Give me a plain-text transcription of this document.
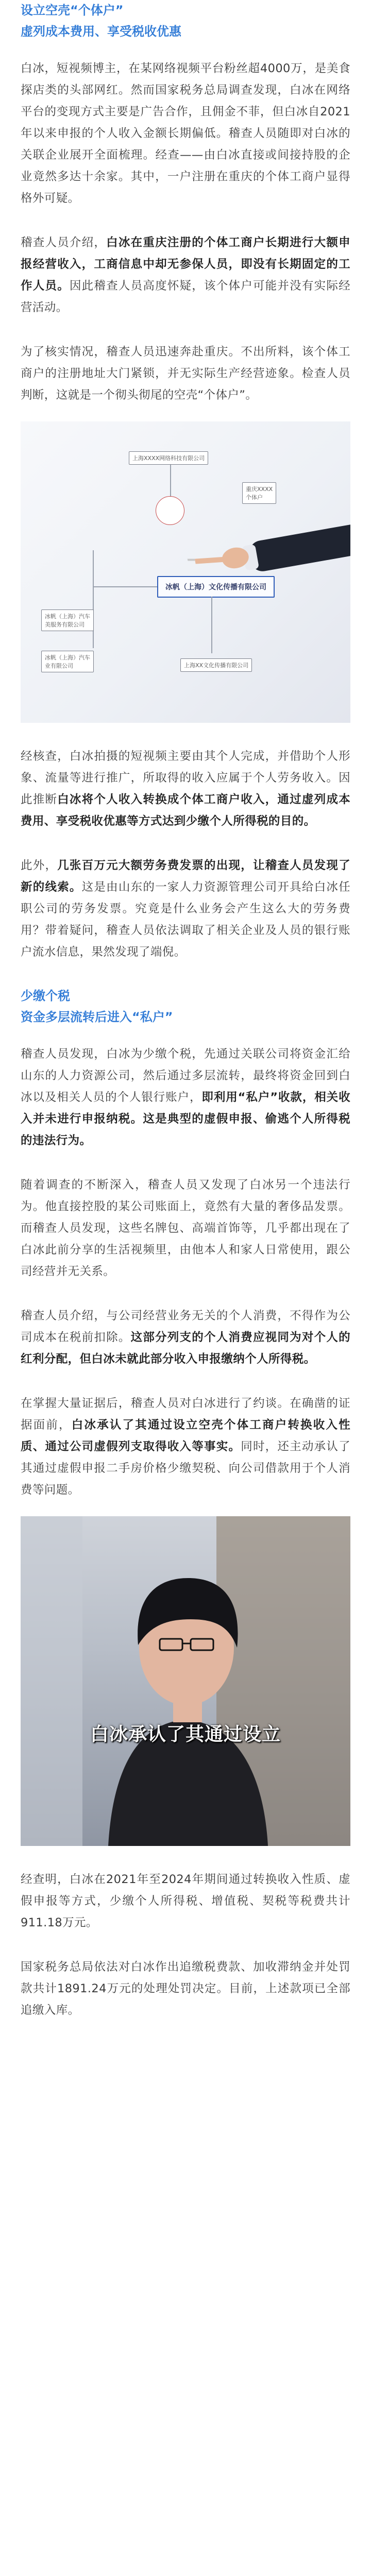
设立空壳“个体户”
虚列成本费用、享受税收优惠

白冰，短视频博主，在某网络视频平台粉丝超4000万，是美食探店类的头部网红。然而国家税务总局调查发现，白冰在网络平台的变现方式主要是广告合作，且佣金不菲，但白冰自2021年以来申报的个人收入金额长期偏低。稽查人员随即对白冰的关联企业展开全面梳理。经查——由白冰直接或间接持股的企业竟然多达十余家。其中，一户注册在重庆的个体工商户显得格外可疑。

稽查人员介绍，白冰在重庆注册的个体工商户长期进行大额申报经营收入，工商信息中却无参保人员，即没有长期固定的工作人员。因此稽查人员高度怀疑，该个体户可能并没有实际经营活动。

为了核实情况，稽查人员迅速奔赴重庆。不出所料，该个体工商户的注册地址大门紧锁，并无实际生产经营迹象。检查人员判断，这就是一个彻头彻尾的空壳“个体户”。

上海XXXX网络科技有限公司
重庆XXXX
个体户
冰帆（上海）文化传播有限公司
冰帆（上海）汽车
美服务有限公司
冰帆（上海）汽车
业有限公司	上海XX文化传播有限公司

经核查，白冰拍摄的短视频主要由其个人完成，并借助个人形象、流量等进行推广，所取得的收入应属于个人劳务收入。因此推断白冰将个人收入转换成个体工商户收入，通过虚列成本费用、享受税收优惠等方式达到少缴个人所得税的目的。

此外，几张百万元大额劳务费发票的出现，让稽查人员发现了新的线索。这是由山东的一家人力资源管理公司开具给白冰任职公司的劳务发票。究竟是什么业务会产生这么大的劳务费用？带着疑问，稽查人员依法调取了相关企业及人员的银行账户流水信息，果然发现了端倪。

少缴个税
资金多层流转后进入“私户”

稽查人员发现，白冰为少缴个税，先通过关联公司将资金汇给山东的人力资源公司，然后通过多层流转，最终将资金回到白冰以及相关人员的个人银行账户，即利用“私户”收款，相关收入并未进行申报纳税。这是典型的虚假申报、偷逃个人所得税的违法行为。

随着调查的不断深入，稽查人员又发现了白冰另一个违法行为。他直接控股的某公司账面上，竟然有大量的奢侈品发票。而稽查人员发现，这些名牌包、高端首饰等，几乎都出现在了白冰此前分享的生活视频里，由他本人和家人日常使用，跟公司经营并无关系。

稽查人员介绍，与公司经营业务无关的个人消费，不得作为公司成本在税前扣除。这部分列支的个人消费应视同为对个人的红利分配，但白冰未就此部分收入申报缴纳个人所得税。

在掌握大量证据后，稽查人员对白冰进行了约谈。在确凿的证据面前，白冰承认了其通过设立空壳个体工商户转换收入性质、通过公司虚假列支取得收入等事实。同时，还主动承认了其通过虚假申报二手房价格少缴契税、向公司借款用于个人消费等问题。

白冰承认了其通过设立

经查明，白冰在2021年至2024年期间通过转换收入性质、虚假申报等方式，少缴个人所得税、增值税、契税等税费共计911.18万元。

国家税务总局依法对白冰作出追缴税费款、加收滞纳金并处罚款共计1891.24万元的处理处罚决定。目前，上述款项已全部追缴入库。
